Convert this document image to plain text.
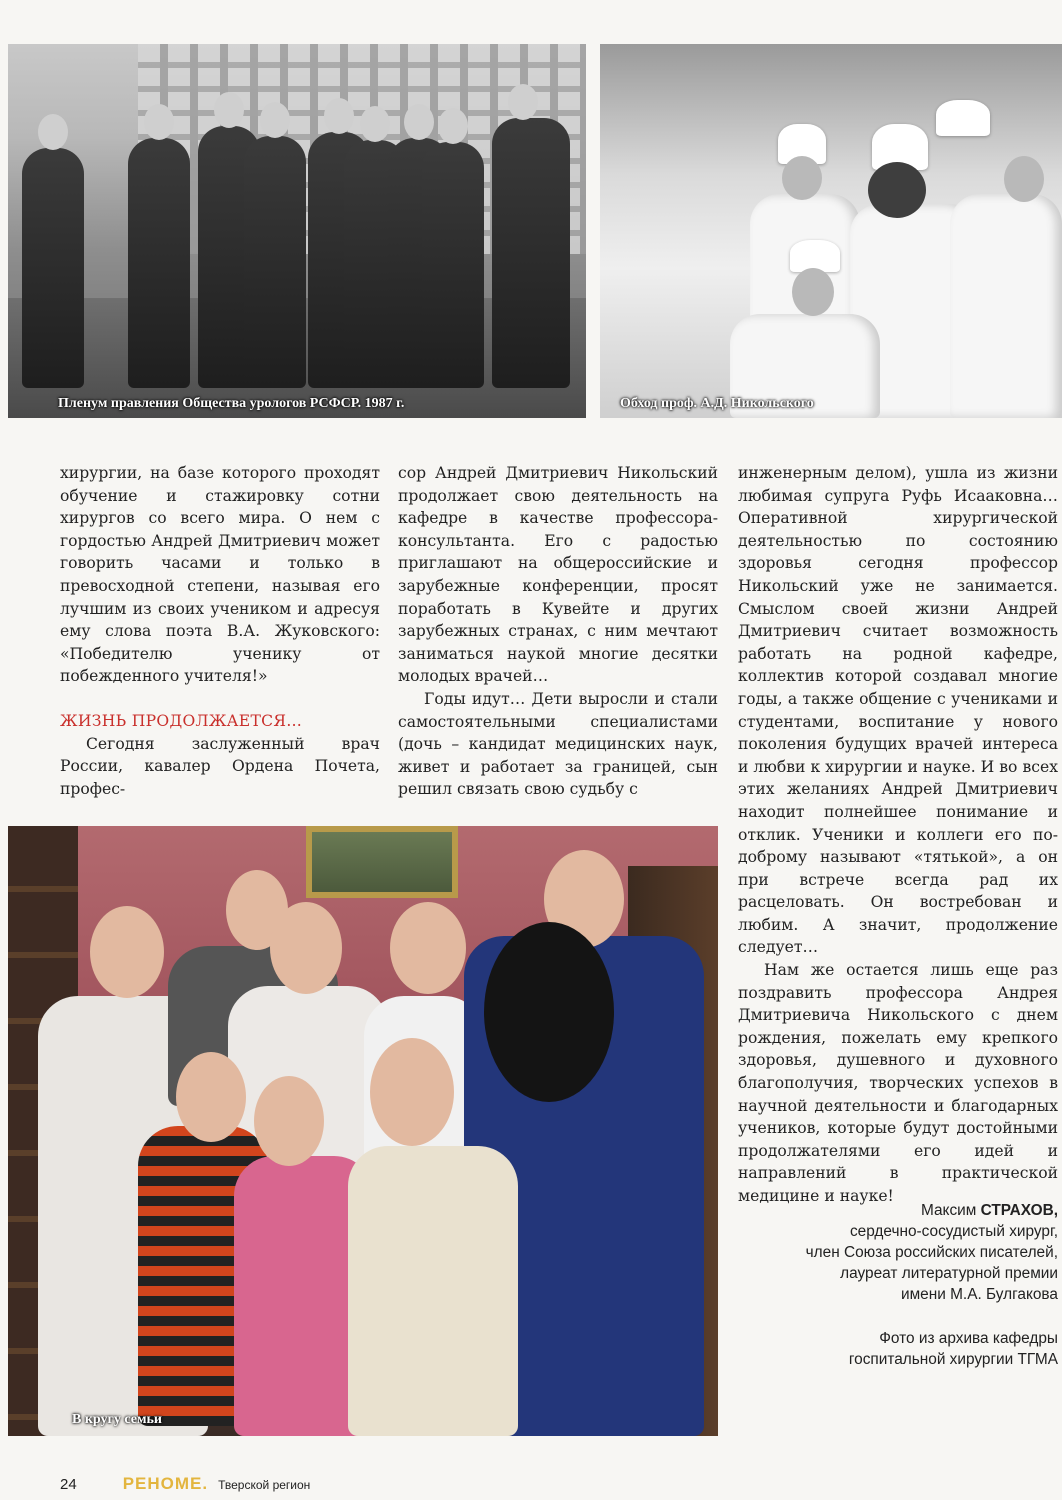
Пленум правления Общества урологов РСФСР. 1987 г.	Обход проф. А.Д. Никольского

хирургии, на базе которого проходят обучение и стажировку сотни хирургов со всего мира. О нем с гордостью Андрей Дмитриевич может говорить часами и только в превосходной степени, называя его лучшим из своих учеником и адресуя ему слова поэта В.А. Жуковского: «Победителю ученику от побежденного учителя!»

ЖИЗНЬ ПРОДОЛЖАЕТСЯ…

Сегодня заслуженный врач России, кавалер Ордена Почета, профес-

сор Андрей Дмитриевич Никольский продолжает свою деятельность на кафедре в качестве профессора-консультанта. Его с радостью приглашают на общероссийские и зарубежные конференции, просят поработать в Кувейте и других зарубежных странах, с ним мечтают заниматься наукой многие десятки молодых врачей…

Годы идут… Дети выросли и стали самостоятельными специалистами (дочь – кандидат медицинских наук, живет и работает за границей, сын решил связать свою судьбу с

инженерным делом), ушла из жизни любимая супруга Руфь Исааковна… Оперативной хирургической деятельностью по состоянию здоровья сегодня профессор Никольский уже не занимается. Смыслом своей жизни Андрей Дмитриевич считает возможность работать на родной кафедре, коллектив которой создавал многие годы, а также общение с учениками и студентами, воспитание у нового поколения будущих врачей интереса и любви к хирургии и науке. И во всех этих желаниях Андрей Дмитриевич находит полнейшее понимание и отклик. Ученики и коллеги его по-доброму называют «тятькой», а он при встрече всегда рад их расцеловать. Он востребован и любим. А значит, продолжение следует…

Нам же остается лишь еще раз поздравить профессора Андрея Дмитриевича Никольского с днем рождения, пожелать ему крепкого здоровья, душевного и духовного благополучия, творческих успехов в научной деятельности и благодарных учеников, которые будут достойными продолжателями его идей и направлений в практической медицине и науке!

В кругу семьи
Максим СТРАХОВ,
сердечно-сосудистый хирург,
член Союза российских писателей,
лауреат литературной премии
имени М.А. Булгакова
Фото из архива кафедры
госпитальной хирургии ТГМА
24	РЕНОМЕ. Тверской регион
